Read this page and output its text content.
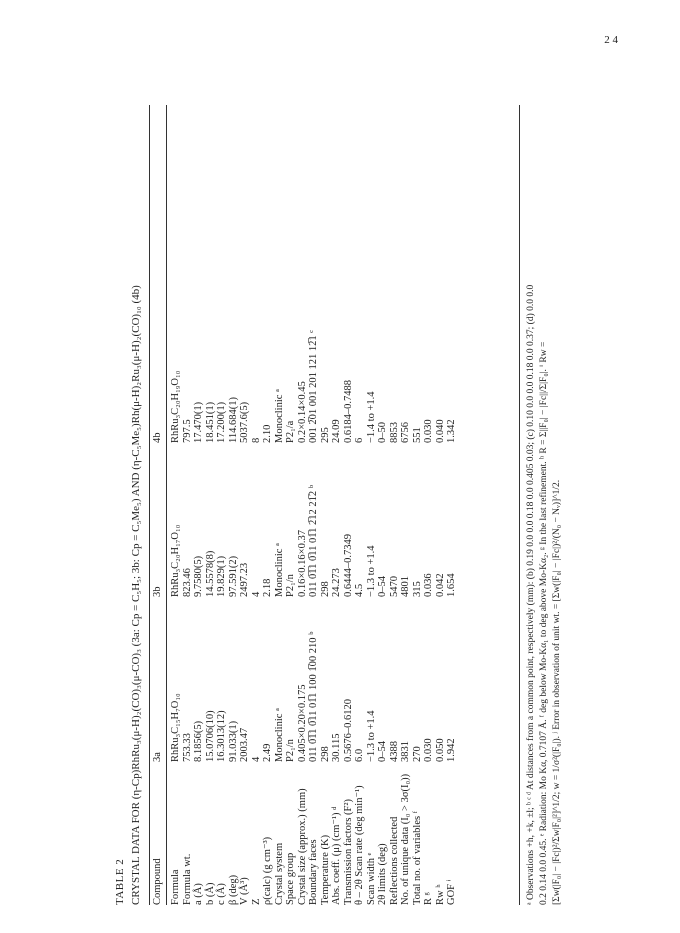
2 4
TABLE 2 CRYSTAL DATA FOR (η-Cp)RhRu₃(μ-H)₂(CO)₃(μ-CO)₃ (3a: Cp = C₅H₅; 3b: Cp = C₅Me₅) AND (η-C₅Me₅)Rh(μ-H)₂Ru₃(μ-H)₂(CO)₁₀ (4b) Compound
3a
3b
4b
Formula
RhRu₃C₁₅H₇O₁₀
RhRu₃C₂₀H₁₇O₁₀
RhRu₃C₂₀H₁₉O₁₀
Formula wt.
753.33
823.46
797.5
a (Å)
8.1856(5)
9.7580(5)
17.470(1)
b (Å)
15.0706(10)
14.5578(8)
18.451(1)
c (Å)
16.3013(12)
19.829(1)
17.200(1)
β (deg)
91.033(1)
97.591(2)
114.684(1)
V (Å³)
2003.47
2497.23
5037.6(5)
Z
4
4
8
ρ(calc) (g cm⁻³)
2.49
2.18
2.10
Crystal system
Monoclinic ᵃ
Monoclinic ᵃ
Monoclinic ᵃ
Space group
P2₁/n
P2₁/n
P2₁/a
Crystal size (approx.) (mm)
0.405×0.20×0.175
0.16×0.16×0.37
0.2×0.14×0.45
Boundary faces
011 0̅1̅1 0̅11 01̅1 100 1̅00 210 ᵇ
011 0̅1̅1 0̅11 01̅1 2̅12 21̅2 ᵇ
001 2̅01 001 201 121 12̅1 ᶜ
Temperature (K)
298
298
295
Abs. coeff. (μ) (cm⁻¹) ᵈ
30.115
24.273
24.09
Transmission factors (F²)
0.5676–0.6120
0.6444–0.7349
0.6184–0.7488
θ – 2θ Scan rate (deg min⁻¹)
6.0
4.5
6
Scan width ᵉ
−1.3 to +1.4
−1.3 to +1.4
−1.4 to +1.4
2θ limits (deg)
0–54
0–54
0–50
Reflections collected
4388
5470
8853
No. of unique data (I₀ > 3σ(I₀))
3831
4801
6756
Total no. of variables ᶠ
270
315
551
R ᵍ
0.030
0.036
0.030
Rw ʰ
0.050
0.042
0.040
GOF ⁱ
1.942
1.654
1.342	ᵃ Observations +h, +k, ±l; ᵇ ᶜ ᵈ At distances from a common point, respectively (mm): (b) 0.19 0.0 0.0 0.18 0.0 0.405 0.03; (c) 0.10 0.0 0.0 0.18 0.0 0.37; (d) 0.0 0.0 0.2 0.14 0.0 0.45. ᵉ Radiation: Mo Kα, 0.7107 Å. ᶠ deg below Mo-Kα₁ to deg above Mo-Kα₂. ᵍ In the last refinement. ʰ R = Σ||F₀| − |Fc||/Σ|F₀|. ⁱ Rw = [Σw(|F₀| − |Fc|)²/Σw|F₀|²]^1/2; w = 1/σ²(|F₀|). ʲ Error in observation of unit wt. = [Σw(|F₀| − |Fc|)²/(N₀ − Nᵥ)]^1/2.
